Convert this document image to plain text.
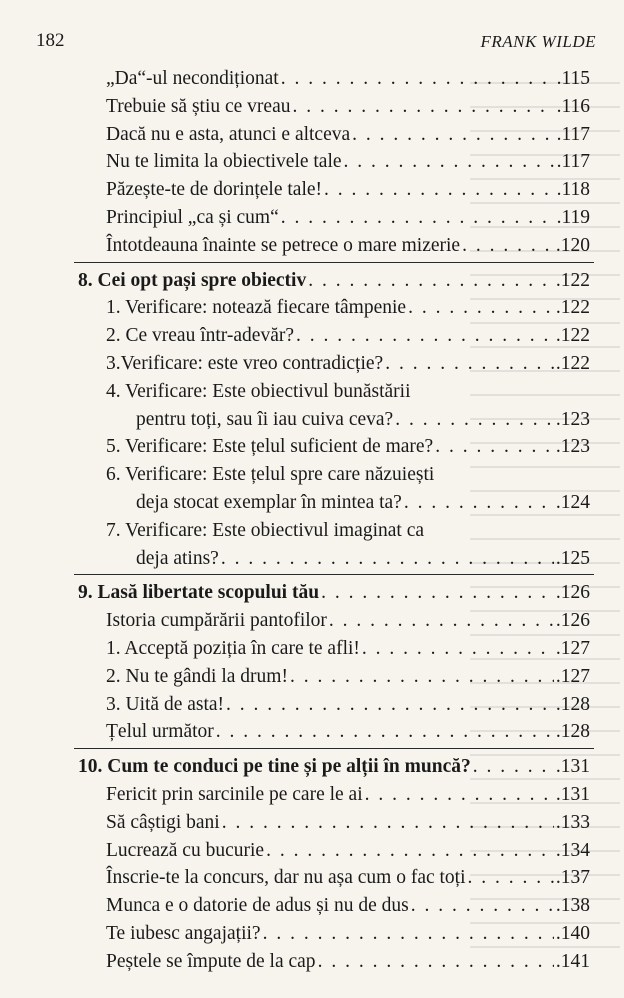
182	FRANK WILDE
„Da“-ul necondiționat . . .	.115
Trebuie să știu ce vreau . . .	.116
Dacă nu e asta, atunci e altceva . . .	.117
Nu te limita la obiectivele tale . . .	.117
Păzește-te de dorințele tale! . . .	.118
Principiul „ca și cum“ . . .	.119
Întotdeauna înainte se petrece o mare mizerie . . .	.120
8. Cei opt pași spre obiectiv . . .	.122
1. Verificare: notează fiecare tâmpenie . . .	.122
2. Ce vreau într-adevăr? . . .	.122
3.Verificare: este vreo contradicție? . . .	.122
4. Verificare: Este obiectivul bunăstării
pentru toți, sau îi iau cuiva ceva? . . .	.123
5. Verificare: Este țelul suficient de mare? . . .	.123
6. Verificare: Este țelul spre care năzuiești
deja stocat exemplar în mintea ta? . . .	.124
7. Verificare: Este obiectivul imaginat ca
deja atins? . . .	.125
9. Lasă libertate scopului tău . . .	.126
Istoria cumpărării pantofilor . . .	.126
1. Acceptă poziția în care te afli! . . .	.127
2. Nu te gândi la drum! . . .	.127
3. Uită de asta! . . .	.128
Țelul următor . . .	.128
10. Cum te conduci pe tine și pe alții în muncă? . . .	.131
Fericit prin sarcinile pe care le ai . . .	.131
Să câștigi bani . . .	.133
Lucrează cu bucurie . . .	.134
Înscrie-te la concurs, dar nu așa cum o fac toți . . .	.137
Munca e o datorie de adus și nu de dus . . .	.138
Te iubesc angajații? . . .	.140
Peștele se împute de la cap . . .	.141
